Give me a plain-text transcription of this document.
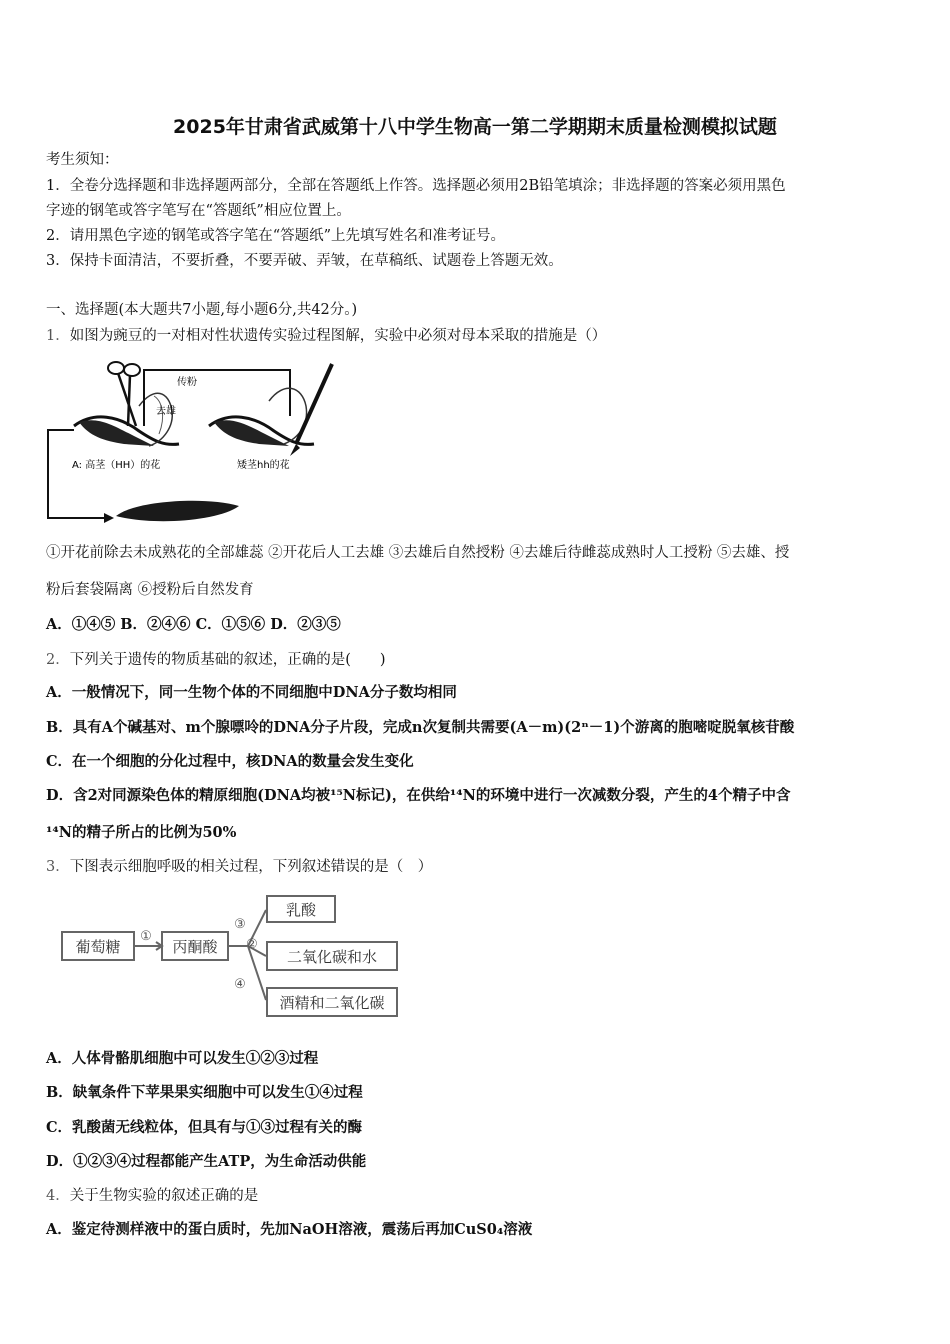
2025年甘肃省武威第十八中学生物高一第二学期期末质量检测模拟试题
考生须知：
1．全卷分选择题和非选择题两部分，全部在答题纸上作答。选择题必须用2B铅笔填涂；非选择题的答案必须用黑色
字迹的钢笔或答字笔写在“答题纸”相应位置上。
2．请用黑色字迹的钢笔或答字笔在“答题纸”上先填写姓名和准考证号。
3．保持卡面清洁，不要折叠，不要弄破、弄皱，在草稿纸、试题卷上答题无效。
一、选择题(本大题共7小题,每小题6分,共42分。)
1．如图为豌豆的一对相对性状遗传实验过程图解，实验中必须对母本采取的措施是（）
传粉
去雄
A: 高茎（HH）的花	矮茎hh的花
①开花前除去未成熟花的全部雄蕊 ②开花后人工去雄 ③去雄后自然授粉 ④去雄后待雌蕊成熟时人工授粉 ⑤去雄、授
粉后套袋隔离 ⑥授粉后自然发育
A．①④⑤ B．②④⑥ C．①⑤⑥ D．②③⑤
2．下列关于遗传的物质基础的叙述，正确的是(　　)
A．一般情况下，同一生物个体的不同细胞中DNA分子数均相同
B．具有A个碱基对、m个腺嘌呤的DNA分子片段，完成n次复制共需要(A－m)(2ⁿ－1)个游离的胞嘧啶脱氧核苷酸
C．在一个细胞的分化过程中，核DNA的数量会发生变化
D．含2对同源染色体的精原细胞(DNA均被¹⁵N标记)，在供给¹⁴N的环境中进行一次减数分裂，产生的4个精子中含
¹⁴N的精子所占的比例为50%
3．下图表示细胞呼吸的相关过程，下列叙述错误的是（　）
葡萄糖
①
丙酮酸
③
②
④
乳酸
二氧化碳和水
酒精和二氧化碳
A．人体骨骼肌细胞中可以发生①②③过程
B．缺氧条件下苹果果实细胞中可以发生①④过程
C．乳酸菌无线粒体，但具有与①③过程有关的酶
D．①②③④过程都能产生ATP，为生命活动供能
4．关于生物实验的叙述正确的是
A．鉴定待测样液中的蛋白质时，先加NaOH溶液，震荡后再加CuS0₄溶液
